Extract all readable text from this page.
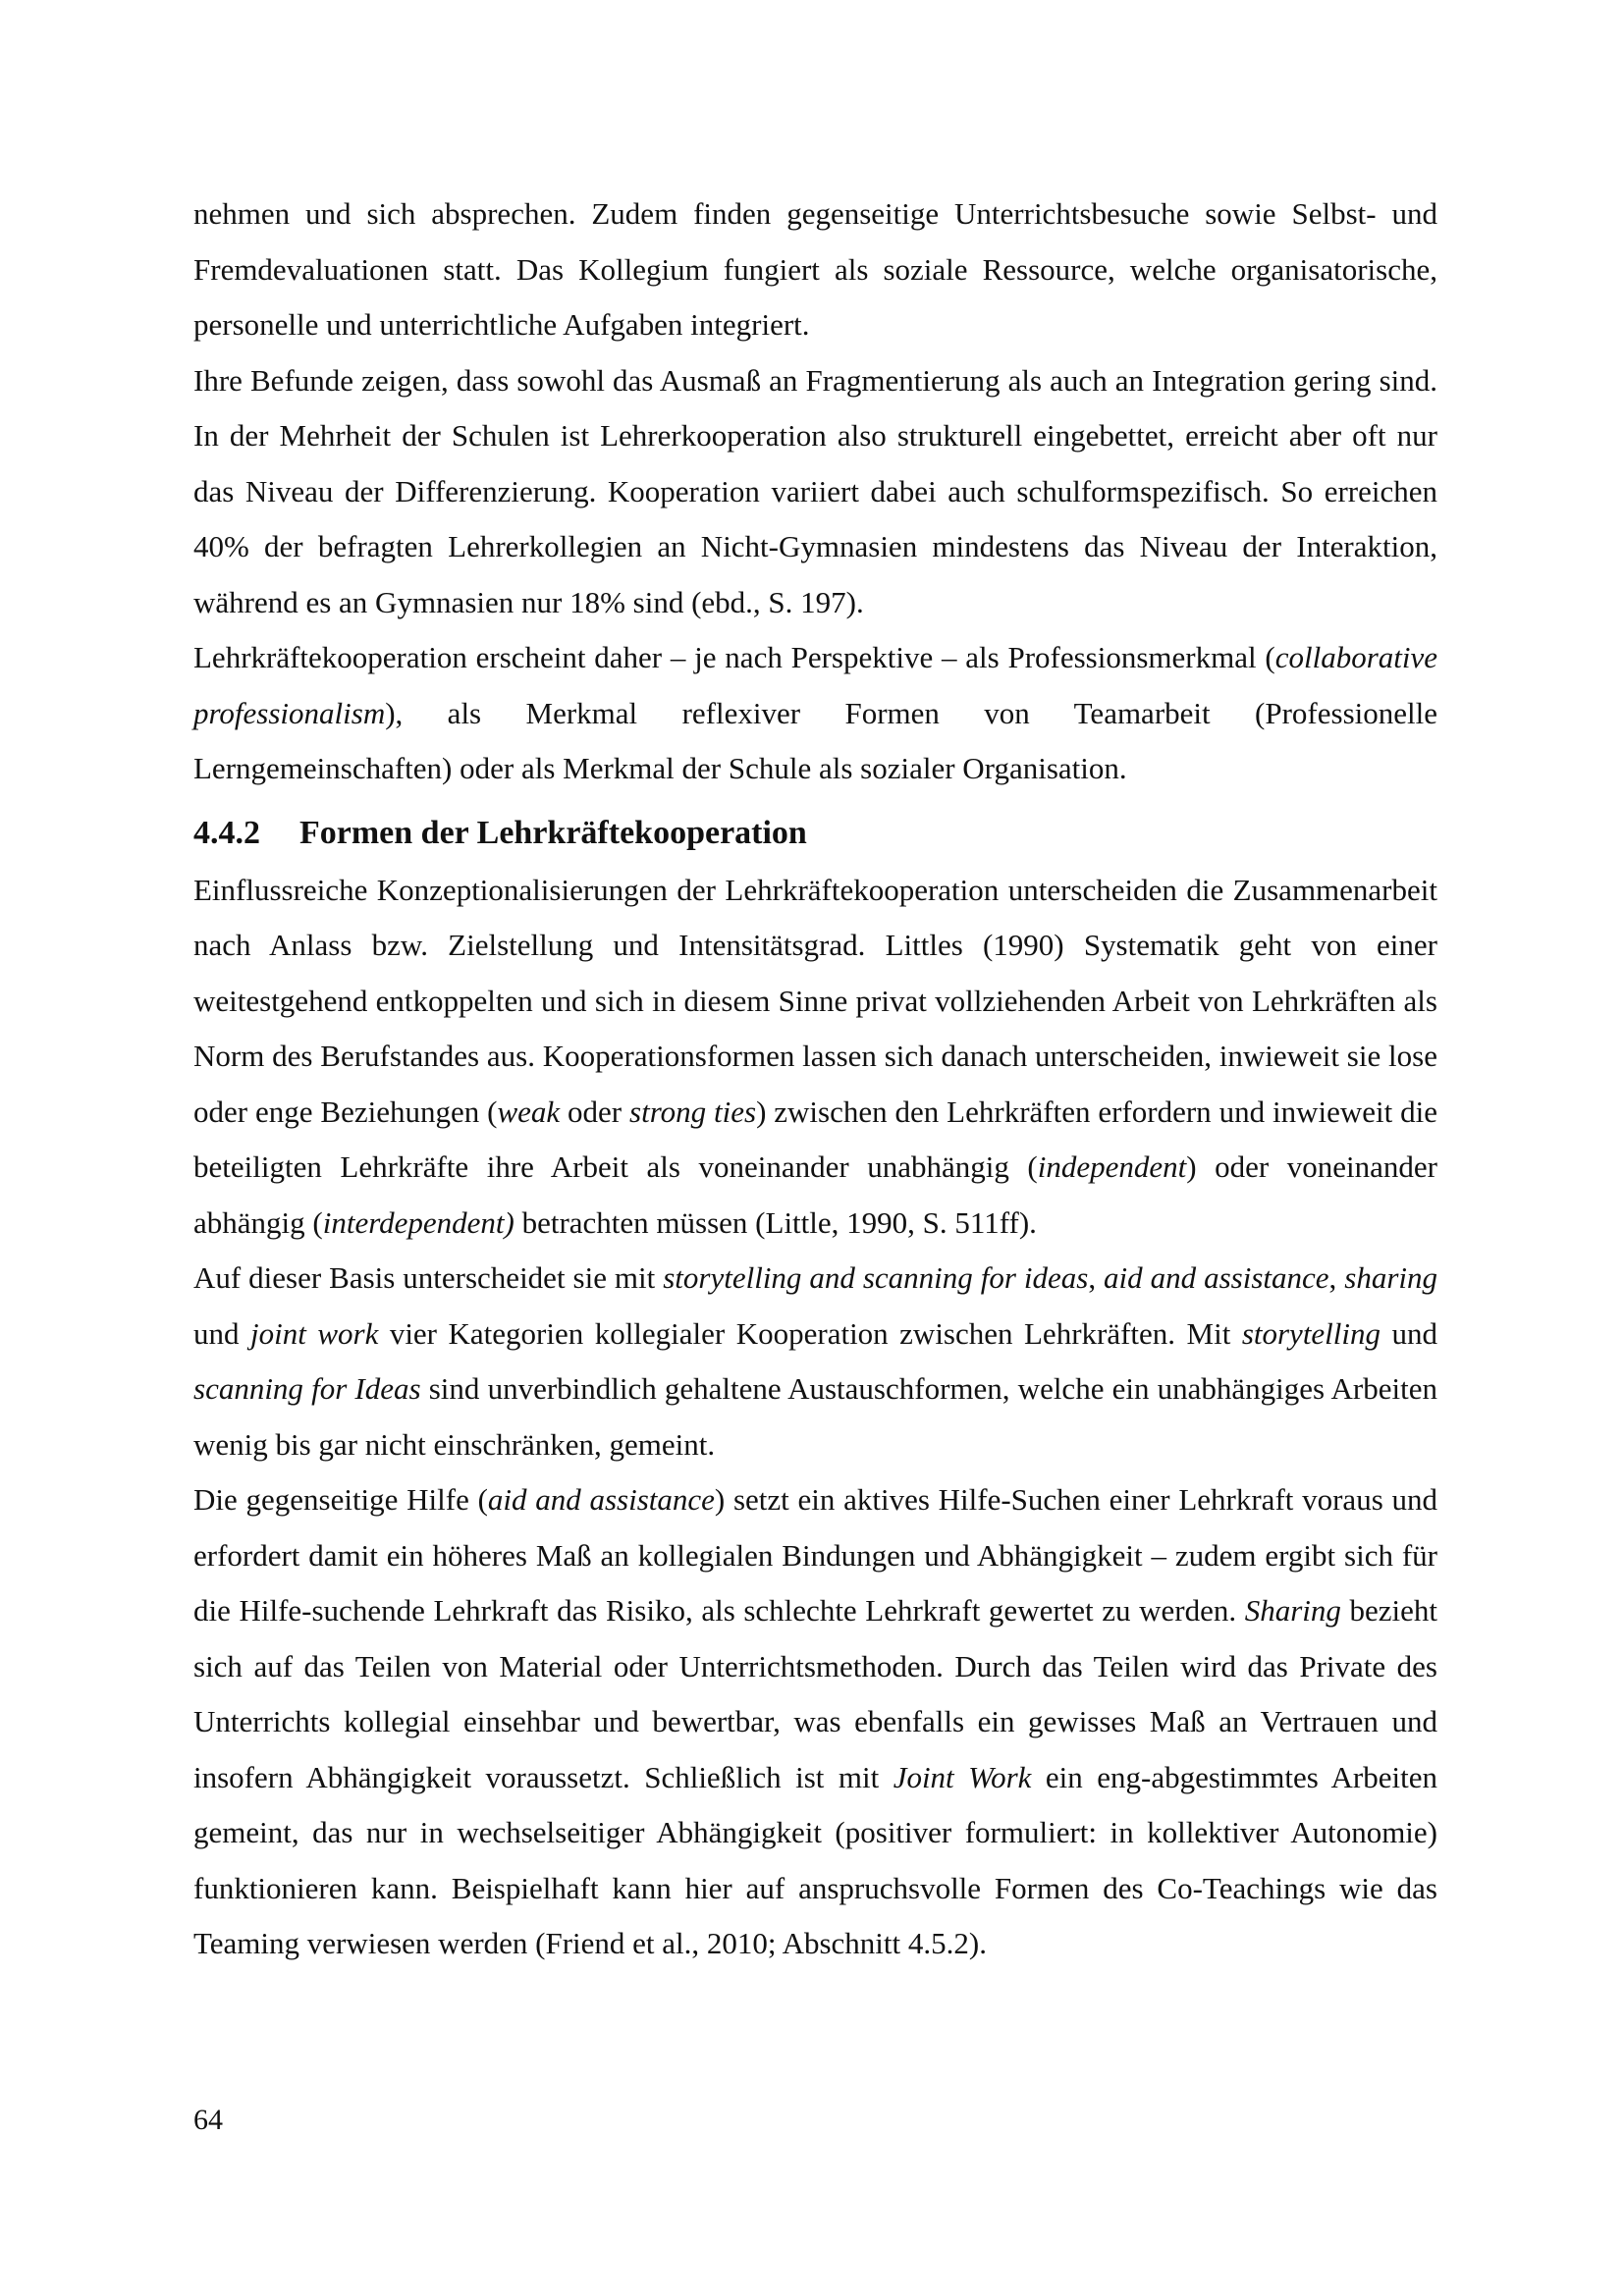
nehmen und sich absprechen. Zudem finden gegenseitige Unterrichtsbesuche sowie Selbst- und Fremdevaluationen statt. Das Kollegium fungiert als soziale Ressource, welche organisatorische, personelle und unterrichtliche Aufgaben integriert.

Ihre Befunde zeigen, dass sowohl das Ausmaß an Fragmentierung als auch an Integration gering sind. In der Mehrheit der Schulen ist Lehrerkooperation also strukturell eingebettet, erreicht aber oft nur das Niveau der Differenzierung. Kooperation variiert dabei auch schulformspezifisch. So erreichen 40% der befragten Lehrerkollegien an Nicht-Gymnasien mindestens das Niveau der Interaktion, während es an Gymnasien nur 18% sind (ebd., S. 197).

Lehrkräftekooperation erscheint daher – je nach Perspektive – als Professionsmerkmal (collaborative professionalism), als Merkmal reflexiver Formen von Teamarbeit (Professionelle Lerngemeinschaften) oder als Merkmal der Schule als sozialer Organisation.

4.4.2 Formen der Lehrkräftekooperation

Einflussreiche Konzeptionalisierungen der Lehrkräftekooperation unterscheiden die Zusammenarbeit nach Anlass bzw. Zielstellung und Intensitätsgrad. Littles (1990) Systematik geht von einer weitestgehend entkoppelten und sich in diesem Sinne privat vollziehenden Arbeit von Lehrkräften als Norm des Berufstandes aus. Kooperationsformen lassen sich danach unterscheiden, inwieweit sie lose oder enge Beziehungen (weak oder strong ties) zwischen den Lehrkräften erfordern und inwieweit die beteiligten Lehrkräfte ihre Arbeit als voneinander unabhängig (independent) oder voneinander abhängig (interdependent) betrachten müssen (Little, 1990, S. 511ff).

Auf dieser Basis unterscheidet sie mit storytelling and scanning for ideas, aid and assistance, sharing und joint work vier Kategorien kollegialer Kooperation zwischen Lehrkräften. Mit storytelling und scanning for Ideas sind unverbindlich gehaltene Austauschformen, welche ein unabhängiges Arbeiten wenig bis gar nicht einschränken, gemeint.

Die gegenseitige Hilfe (aid and assistance) setzt ein aktives Hilfe-Suchen einer Lehrkraft voraus und erfordert damit ein höheres Maß an kollegialen Bindungen und Abhängigkeit – zudem ergibt sich für die Hilfe-suchende Lehrkraft das Risiko, als schlechte Lehrkraft gewertet zu werden. Sharing bezieht sich auf das Teilen von Material oder Unterrichtsmethoden. Durch das Teilen wird das Private des Unterrichts kollegial einsehbar und bewertbar, was ebenfalls ein gewisses Maß an Vertrauen und insofern Abhängigkeit voraussetzt. Schließlich ist mit Joint Work ein eng-abgestimmtes Arbeiten gemeint, das nur in wechselseitiger Abhängigkeit (positiver formuliert: in kollektiver Autonomie) funktionieren kann. Beispielhaft kann hier auf anspruchsvolle Formen des Co-Teachings wie das Teaming verwiesen werden (Friend et al., 2010; Abschnitt 4.5.2).

64
